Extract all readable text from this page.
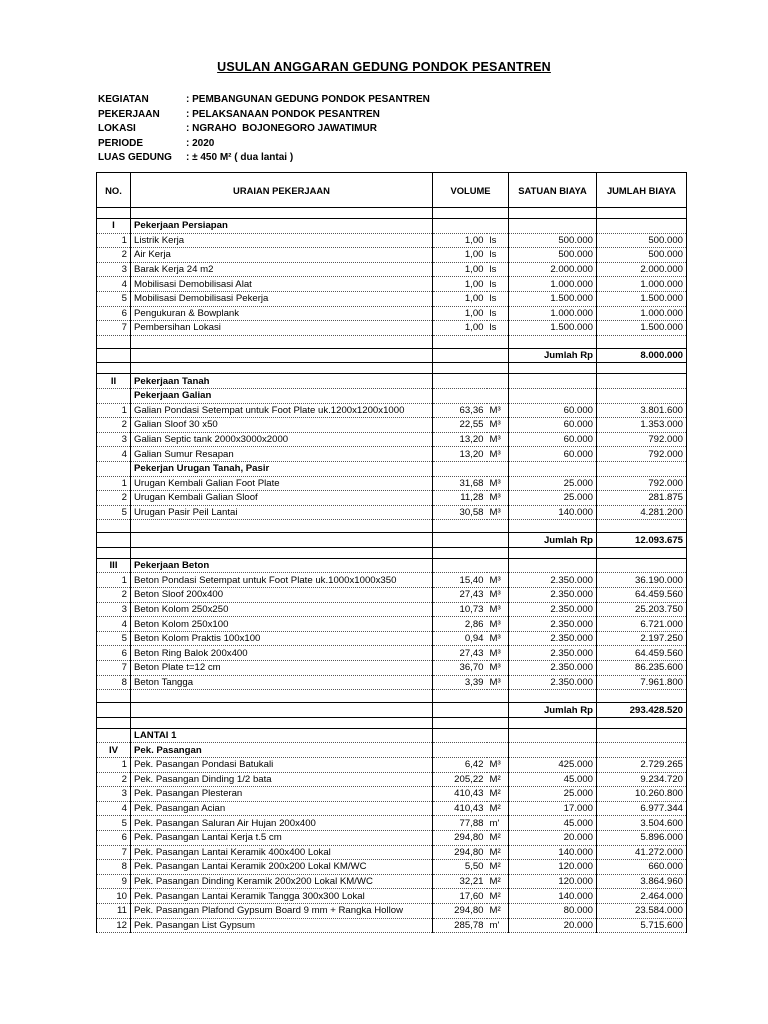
USULAN ANGGARAN GEDUNG PONDOK PESANTREN
KEGIATAN	: PEMBANGUNAN GEDUNG PONDOK PESANTREN
PEKERJAAN	: PELAKSANAAN PONDOK PESANTREN
LOKASI	: NGRAHO  BOJONEGORO JAWATIMUR
PERIODE	: 2020
LUAS GEDUNG	: ± 450 M² ( dua lantai )
NO.	URAIAN PEKERJAAN	VOLUME		SATUAN BIAYA	JUMLAH BIAYA

I	Pekerjaan Persiapan				
1	Listrik Kerja	1,00	ls	500.000	500.000
2	Air Kerja	1,00	ls	500.000	500.000
3	Barak Kerja 24 m2	1,00	ls	2.000.000	2.000.000
4	Mobilisasi Demobilisasi Alat	1,00	ls	1.000.000	1.000.000
5	Mobilisasi Demobilisasi Pekerja	1,00	ls	1.500.000	1.500.000
6	Pengukuran & Bowplank	1,00	ls	1.000.000	1.000.000
7	Pembersihan Lokasi	1,00	ls	1.500.000	1.500.000

				Jumlah Rp	8.000.000

II	Pekerjaan Tanah				
	Pekerjaan Galian				
1	Galian Pondasi Setempat untuk Foot Plate uk.1200x1200x1000	63,36	M³	60.000	3.801.600
2	Galian Sloof 30 x50	22,55	M³	60.000	1.353.000
3	Galian Septic tank 2000x3000x2000	13,20	M³	60.000	792.000
4	Galian Sumur Resapan	13,20	M³	60.000	792.000
	Pekerjan Urugan Tanah, Pasir				
1	Urugan Kembali Galian Foot Plate	31,68	M³	25.000	792.000
2	Urugan Kembali Galian Sloof	11,28	M³	25.000	281.875
5	Urugan Pasir Peil Lantai	30,58	M³	140.000	4.281.200

				Jumlah Rp	12.093.675

III	Pekerjaan Beton				
1	Beton Pondasi Setempat untuk Foot Plate uk.1000x1000x350	15,40	M³	2.350.000	36.190.000
2	Beton Sloof 200x400	27,43	M³	2.350.000	64.459.560
3	Beton Kolom 250x250	10,73	M³	2.350.000	25.203.750
4	Beton Kolom 250x100	2,86	M³	2.350.000	6.721.000
5	Beton Kolom Praktis 100x100	0,94	M³	2.350.000	2.197.250
6	Beton Ring Balok 200x400	27,43	M³	2.350.000	64.459.560
7	Beton Plate t=12 cm	36,70	M³	2.350.000	86.235.600
8	Beton Tangga	3,39	M³	2.350.000	7.961.800

				Jumlah Rp	293.428.520

	LANTAI 1				
IV	Pek. Pasangan				
1	Pek. Pasangan Pondasi Batukali	6,42	M³	425.000	2.729.265
2	Pek. Pasangan Dinding 1/2 bata	205,22	M²	45.000	9.234.720
3	Pek. Pasangan Plesteran	410,43	M²	25.000	10.260.800
4	Pek. Pasangan Acian	410,43	M²	17.000	6.977.344
5	Pek. Pasangan Saluran Air Hujan 200x400	77,88	m'	45.000	3.504.600
6	Pek. Pasangan Lantai Kerja t.5 cm	294,80	M²	20.000	5.896.000
7	Pek. Pasangan Lantai Keramik 400x400 Lokal	294,80	M²	140.000	41.272.000
8	Pek. Pasangan Lantai Keramik 200x200 Lokal KM/WC	5,50	M²	120.000	660.000
9	Pek. Pasangan Dinding Keramik 200x200 Lokal KM/WC	32,21	M²	120.000	3.864.960
10	Pek. Pasangan Lantai Keramik Tangga 300x300 Lokal	17,60	M²	140.000	2.464.000
11	Pek. Pasangan Plafond Gypsum Board 9 mm + Rangka Hollow	294,80	M²	80.000	23.584.000
12	Pek. Pasangan List Gypsum	285,78	m'	20.000	5.715.600
